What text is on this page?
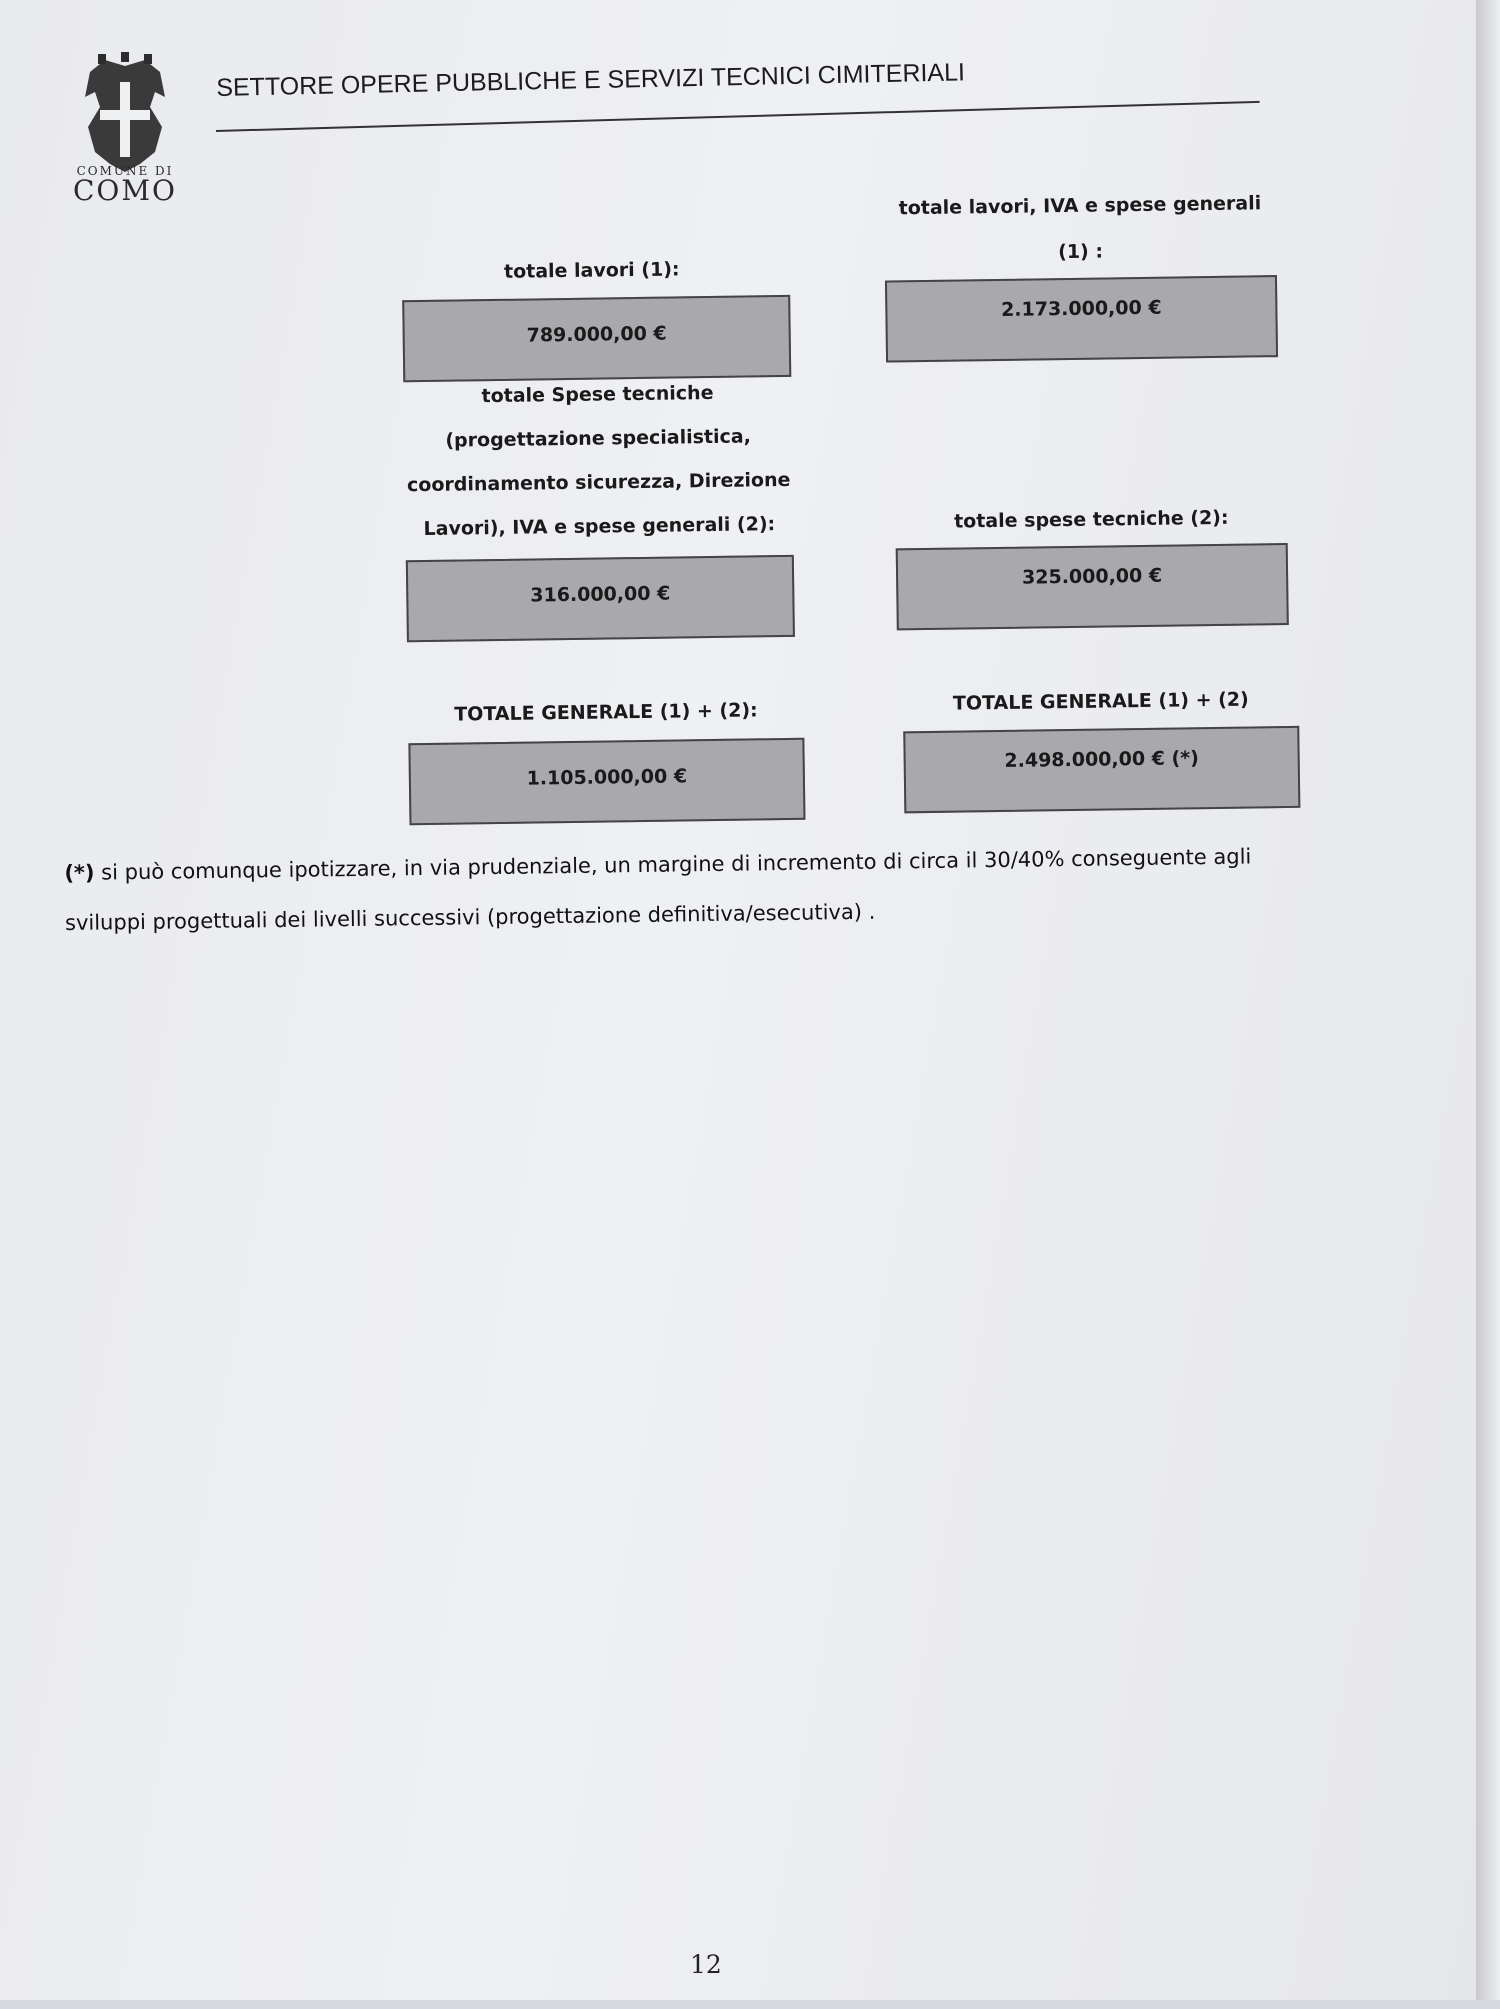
COMUNE DI
COMO
SETTORE OPERE PUBBLICHE E SERVIZI TECNICI CIMITERIALI
totale lavori (1):
789.000,00 €
totale Spese tecniche
(progettazione specialistica,
coordinamento sicurezza, Direzione
Lavori), IVA e spese generali (2):
316.000,00 €
TOTALE GENERALE (1) + (2):
1.105.000,00 €
totale lavori, IVA e spese generali
(1) :
2.173.000,00 €
totale spese tecniche (2):
325.000,00 €
TOTALE GENERALE (1) + (2)
2.498.000,00 € (*)
(*) si può comunque ipotizzare, in via prudenziale, un margine di incremento di circa il 30/40% conseguente agli sviluppi progettuali dei livelli successivi (progettazione definitiva/esecutiva) .
12
